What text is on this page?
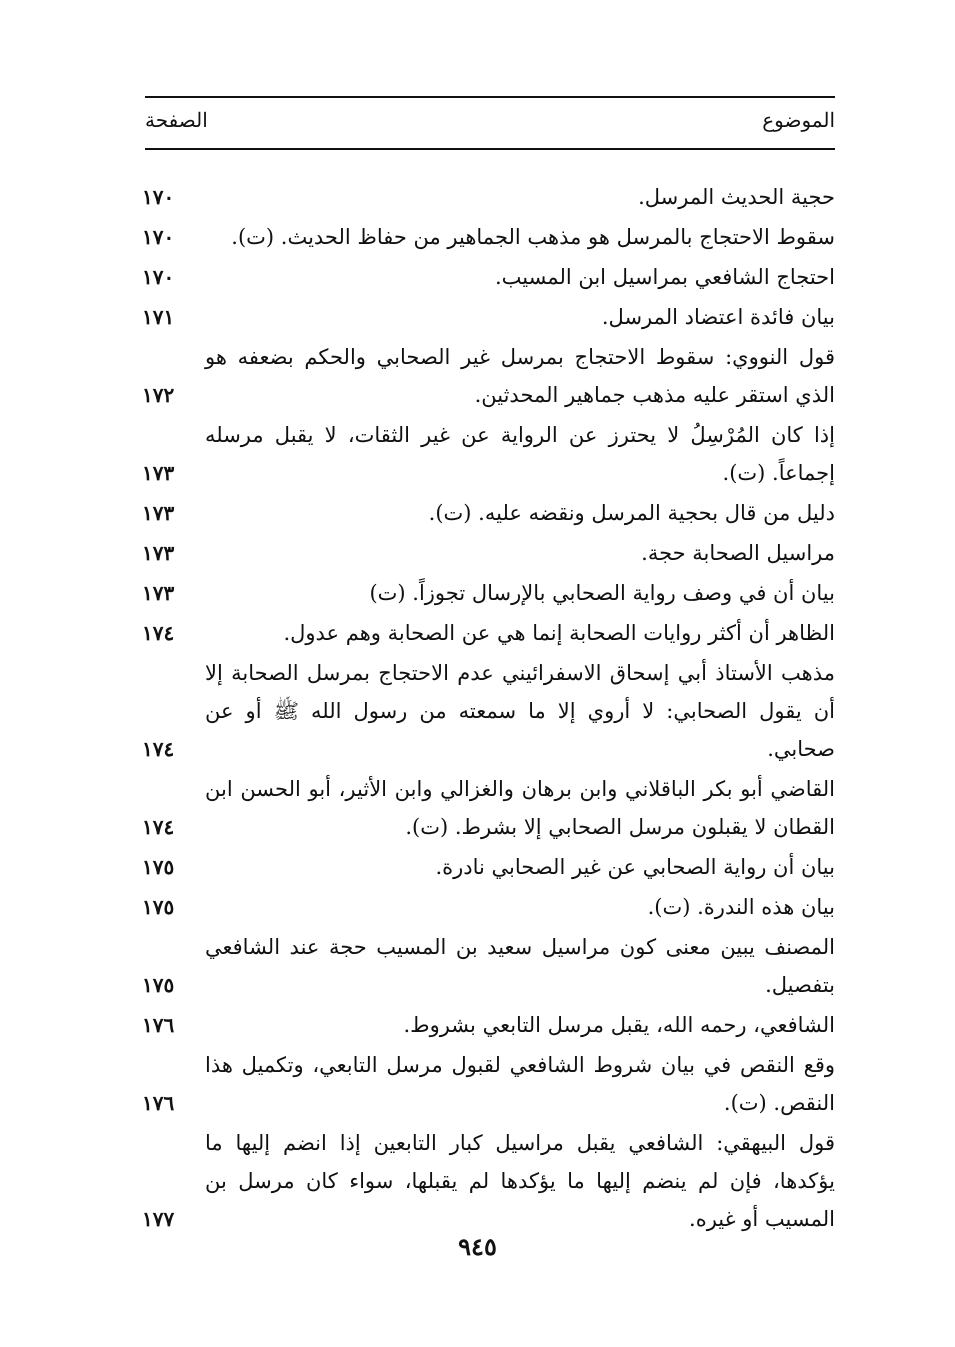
الموضوع
الصفحة
حجية الحديث المرسل.
١٧٠
سقوط الاحتجاج بالمرسل هو مذهب الجماهير من حفاظ الحديث. (ت).
١٧٠
احتجاج الشافعي بمراسيل ابن المسيب.
١٧٠
بيان فائدة اعتضاد المرسل.
١٧١
قول النووي: سقوط الاحتجاج بمرسل غير الصحابي والحكم بضعفه هو الذي استقر عليه مذهب جماهير المحدثين.
١٧٢
إذا كان المُرْسِلُ لا يحترز عن الرواية عن غير الثقات، لا يقبل مرسله إجماعاً. (ت).
١٧٣
دليل من قال بحجية المرسل ونقضه عليه. (ت).
١٧٣
مراسيل الصحابة حجة.
١٧٣
بيان أن في وصف رواية الصحابي بالإرسال تجوزاً. (ت)
١٧٣
الظاهر أن أكثر روايات الصحابة إنما هي عن الصحابة وهم عدول.
١٧٤
مذهب الأستاذ أبي إسحاق الاسفرائيني عدم الاحتجاج بمرسل الصحابة إلا أن يقول الصحابي: لا أروي إلا ما سمعته من رسول الله ﷺ أو عن صحابي.
١٧٤
القاضي أبو بكر الباقلاني وابن برهان والغزالي وابن الأثير، أبو الحسن ابن القطان لا يقبلون مرسل الصحابي إلا بشرط. (ت).
١٧٤
بيان أن رواية الصحابي عن غير الصحابي نادرة.
١٧٥
بيان هذه الندرة. (ت).
١٧٥
المصنف يبين معنى كون مراسيل سعيد بن المسيب حجة عند الشافعي بتفصيل.
١٧٥
الشافعي، رحمه الله، يقبل مرسل التابعي بشروط.
١٧٦
وقع النقص في بيان شروط الشافعي لقبول مرسل التابعي، وتكميل هذا النقص. (ت).
١٧٦
قول البيهقي: الشافعي يقبل مراسيل كبار التابعين إذا انضم إليها ما يؤكدها، فإن لم ينضم إليها ما يؤكدها لم يقبلها، سواء كان مرسل بن المسيب أو غيره.
١٧٧
٩٤٥
